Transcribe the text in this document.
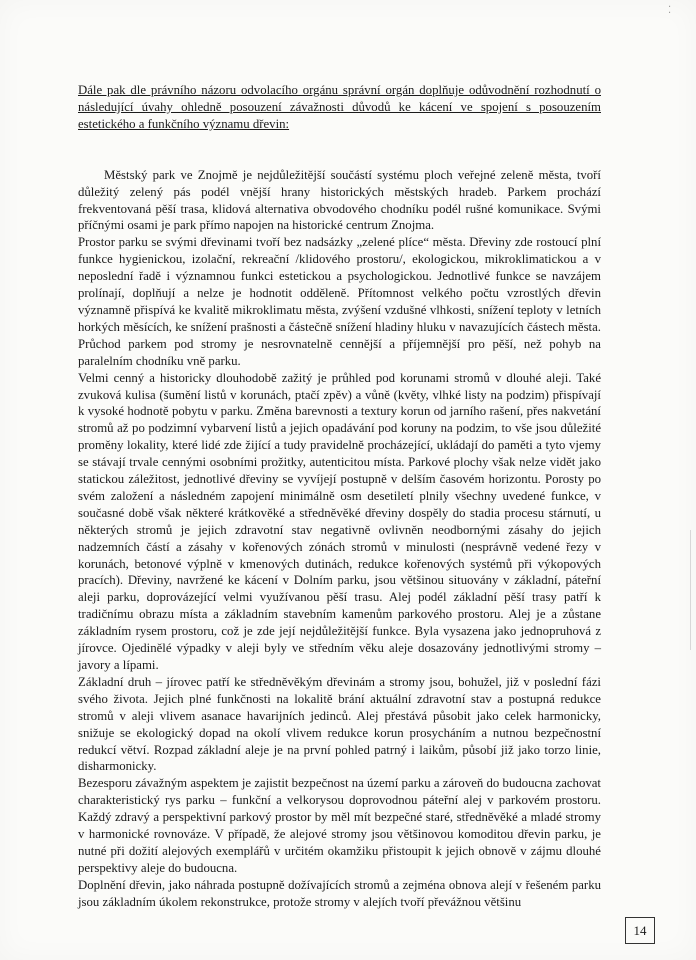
⁚

Dále pak dle právního názoru odvolacího orgánu správní orgán doplňuje odůvodnění rozhodnutí o následující úvahy ohledně posouzení závažnosti důvodů ke kácení ve spojení s posouzením estetického a funkčního významu dřevin:

Městský park ve Znojmě je nejdůležitější součástí systému ploch veřejné zeleně města, tvoří důležitý zelený pás podél vnější hrany historických městských hradeb. Parkem prochází frekventovaná pěší trasa, klidová alternativa obvodového chodníku podél rušné komunikace. Svými příčnými osami je park přímo napojen na historické centrum Znojma.

Prostor parku se svými dřevinami tvoří bez nadsázky „zelené plíce“ města. Dřeviny zde rostoucí plní funkce hygienickou, izolační, rekreační /klidového prostoru/, ekologickou, mikroklimatickou a v neposlední řadě i významnou funkci estetickou a psychologickou. Jednotlivé funkce se navzájem prolínají, doplňují a nelze je hodnotit odděleně. Přítomnost velkého počtu vzrostlých dřevin významně přispívá ke kvalitě mikroklimatu města, zvýšení vzdušné vlhkosti, snížení teploty v letních horkých měsících, ke snížení prašnosti a částečně snížení hladiny hluku v navazujících částech města. Průchod parkem pod stromy je nesrovnatelně cennější a příjemnější pro pěší, než pohyb na paralelním chodníku vně parku.

Velmi cenný a historicky dlouhodobě zažitý je průhled pod korunami stromů v dlouhé aleji. Také zvuková kulisa (šumění listů v korunách, ptačí zpěv) a vůně (květy, vlhké listy na podzim) přispívají k vysoké hodnotě pobytu v parku. Změna barevnosti a textury korun od jarního rašení, přes nakvetání stromů až po podzimní vybarvení listů a jejich opadávání pod koruny na podzim, to vše jsou důležité proměny lokality, které lidé zde žijící a tudy pravidelně procházející, ukládají do paměti a tyto vjemy se stávají trvale cennými osobními prožitky, autenticitou místa. Parkové plochy však nelze vidět jako statickou záležitost, jednotlivé dřeviny se vyvíjejí postupně v delším časovém horizontu. Porosty po svém založení a následném zapojení minimálně osm desetiletí plnily všechny uvedené funkce, v současné době však některé krátkověké a středněvěké dřeviny dospěly do stadia procesu stárnutí, u některých stromů je jejich zdravotní stav negativně ovlivněn neodbornými zásahy do jejich nadzemních částí a zásahy v kořenových zónách stromů v minulosti (nesprávně vedené řezy v korunách, betonové výplně v kmenových dutinách, redukce kořenových systémů při výkopových pracích). Dřeviny, navržené ke kácení v Dolním parku, jsou většinou situovány v základní, páteřní aleji parku, doprovázející velmi využívanou pěší trasu. Alej podél základní pěší trasy patří k tradičnímu obrazu místa a základním stavebním kamenům parkového prostoru. Alej je a zůstane základním rysem prostoru, což je zde její nejdůležitější funkce. Byla vysazena jako jednopruhová z jírovce. Ojedinělé výpadky v aleji byly ve středním věku aleje dosazovány jednotlivými stromy – javory a lípami.

Základní druh – jírovec patří ke středněvěkým dřevinám a stromy jsou, bohužel, již v poslední fázi svého života. Jejich plné funkčnosti na lokalitě brání aktuální zdravotní stav a postupná redukce stromů v aleji vlivem asanace havarijních jedinců. Alej přestává působit jako celek harmonicky, snižuje se ekologický dopad na okolí vlivem redukce korun prosycháním a nutnou bezpečnostní redukcí větví. Rozpad základní aleje je na první pohled patrný i laikům, působí již jako torzo linie, disharmonicky.

Bezesporu závažným aspektem je zajistit bezpečnost na území parku a zároveň do budoucna zachovat charakteristický rys parku – funkční a velkorysou doprovodnou páteřní alej v parkovém prostoru. Každý zdravý a perspektivní parkový prostor by měl mít bezpečné staré, středněvěké a mladé stromy v harmonické rovnováze. V případě, že alejové stromy jsou většinovou komoditou dřevin parku, je nutné při dožití alejových exemplářů v určitém okamžiku přistoupit k jejich obnově v zájmu dlouhé perspektivy aleje do budoucna.

Doplnění dřevin, jako náhrada postupně dožívajících stromů a zejména obnova alejí v řešeném parku jsou základním úkolem rekonstrukce, protože stromy v alejích tvoří převážnou většinu

14
